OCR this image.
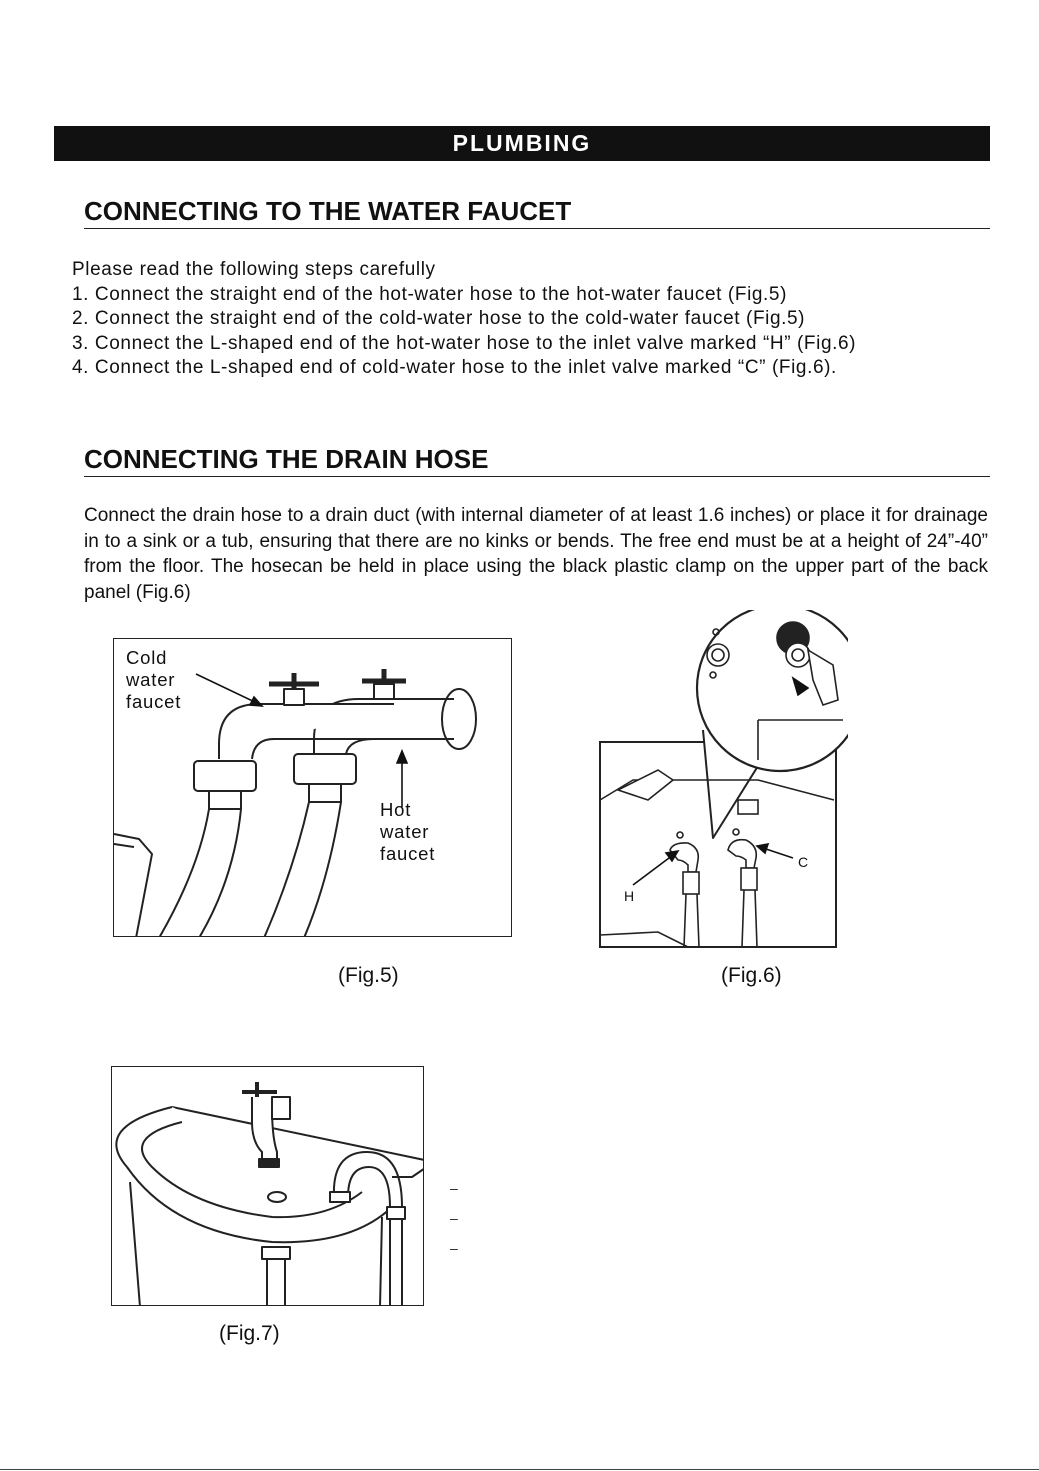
PLUMBING
CONNECTING TO THE WATER FAUCET
Please read the following steps carefully
1. Connect the straight end of the hot-water hose to the hot-water faucet (Fig.5)
2. Connect the straight end of the cold-water hose to the cold-water faucet (Fig.5)
3. Connect the L-shaped end of the hot-water hose to the inlet valve marked “H” (Fig.6)
4. Connect the L-shaped end of cold-water hose to the inlet valve marked “C” (Fig.6).
CONNECTING THE DRAIN HOSE
Connect the drain hose to a drain duct (with internal diameter of at least 1.6 inches) or place it for drainage in to a sink or a tub, ensuring that there are no kinks or bends. The free end must be at a height of 24”-40” from the floor. The hosecan be held in place using the black plastic clamp on the upper part of the back panel (Fig.6)
Cold
water
faucet
Hot
water
faucet
(Fig.5)
H
C
(Fig.6)
(Fig.7)
–
–
–
